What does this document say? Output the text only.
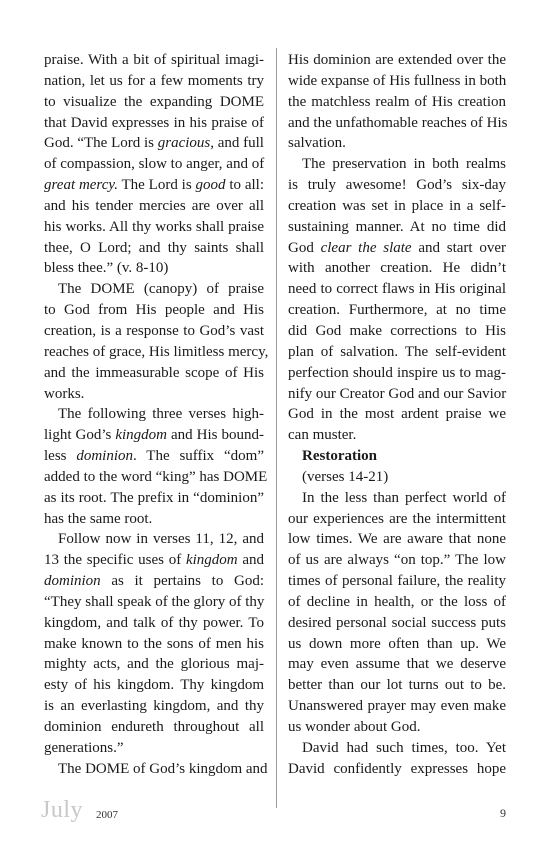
praise. With a bit of spiritual imagi-
nation, let us for a few moments try
to visualize the expanding DOME
that David expresses in his praise of
God. “The Lord is gracious, and full
of compassion, slow to anger, and of
great mercy. The Lord is good to all:
and his tender mercies are over all
his works. All thy works shall praise
thee, O Lord; and thy saints shall
bless thee.” (v. 8-10)
The DOME (canopy) of praise
to God from His people and His
creation, is a response to God’s vast
reaches of grace, His limitless mercy,
and the immeasurable scope of His
works.
The following three verses high-
light God’s kingdom and His bound-
less dominion. The suffix “dom”
added to the word “king” has DOME
as its root. The prefix in “dominion”
has the same root.
Follow now in verses 11, 12, and
13 the specific uses of kingdom and
dominion as it pertains to God:
“They shall speak of the glory of thy
kingdom, and talk of thy power. To
make known to the sons of men his
mighty acts, and the glorious maj-
esty of his kingdom. Thy kingdom
is an everlasting kingdom, and thy
dominion endureth throughout all
generations.”
The DOME of God’s kingdom and
His dominion are extended over the
wide expanse of His fullness in both
the matchless realm of His creation
and the unfathomable reaches of His
salvation.
The preservation in both realms
is truly awesome! God’s six-day
creation was set in place in a self-
sustaining manner. At no time did
God clear the slate and start over
with another creation. He didn’t
need to correct flaws in His original
creation. Furthermore, at no time
did God make corrections to His
plan of salvation. The self-evident
perfection should inspire us to mag-
nify our Creator God and our Savior
God in the most ardent praise we
can muster.
Restoration
(verses 14-21)
In the less than perfect world of
our experiences are the intermittent
low times. We are aware that none
of us are always “on top.” The low
times of personal failure, the reality
of decline in health, or the loss of
desired personal social success puts
us down more often than up. We
may even assume that we deserve
better than our lot turns out to be.
Unanswered prayer may even make
us wonder about God.
David had such times, too. Yet
David confidently expresses hope
July 2007	9
